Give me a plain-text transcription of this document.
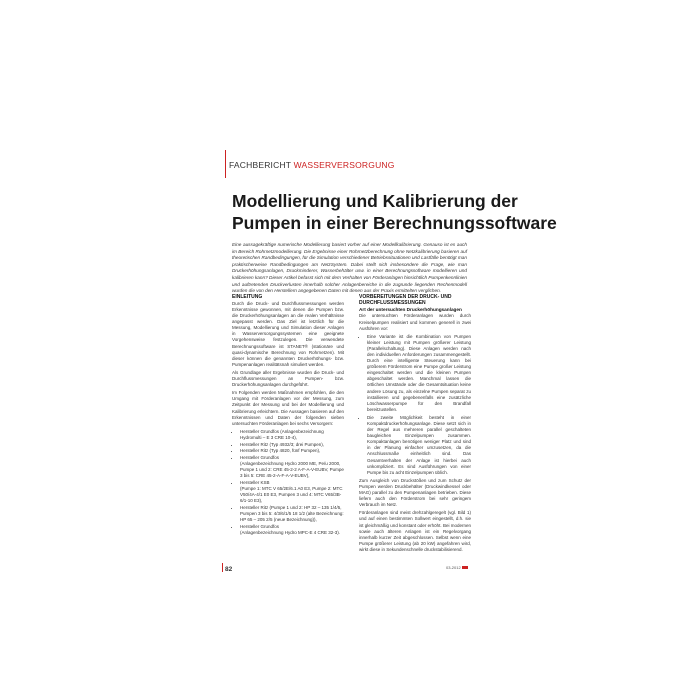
FACHBERICHT WASSERVERSORGUNG
Modellierung und Kalibrierung der
Pumpen in einer Berechnungssoftware
Eine aussagekräftige numerische Modellierung basiert vorher auf einer Modellkalibrierung. Genauso ist es auch im Bereich Rohrnetzmodellierung. Die Ergebnisse einer Rohrnetzberechnung ohne Netzkalibrierung basieren auf theoretischen Randbedingungen, für die Simulation verschiedener Betriebssituationen und Lastfälle benötigt man praktischerweise Randbedingungen am NetzSystem. Dabei stellt sich insbesondere die Frage, wie man Druckerhöhungsanlagen, Druckminderer, Wasserbehälter usw. in einer Berechnungssoftware modellieren und kalibrieren kann? Dieser Artikel befasst sich mit dem Verhalten von Förderanlagen hinsichtlich Pumpenkennlinien und auftretenden Druckverlusten innerhalb solcher Anlagenbereiche in die zugrunde liegenden Rechenmodell wurden die von den Herstellern angegebenen Daten mit denen aus der Praxis ermittelten verglichen.
EINLEITUNG
Durch die Druck- und Durchflussmessungen werden Erkenntnisse gewonnen, mit denen die Pumpen bzw. die Druckerhöhungsanlagen an die realen Verhältnisse angepasst werden. Das Ziel ist letztlich für die Messung, Modellierung und Simulation dieser Anlagen in Wasserversorgungssystemen eine geeignete Vorgehensweise festzulegen. Die verwendete Berechnungssoftware ist STANET® (stationäre und quasi-dynamische Berechnung von Rohrnetzen). Mit dieser können die genannten Druckerhöhungs- bzw. Pumpenanlagen realitätsnah simuliert werden.
Als Grundlage aller Ergebnisse wurden die Druck- und Durchflussmessungen an Pumpen- bzw. Druckerhöhungsanlagen durchgeführt.
Im Folgenden werden Maßnahmen empfohlen, die den Umgang mit Förderanlagen vor der Messung, zum Zeitpunkt der Messung und bei der Modellierung und Kalibrierung erleichtern. Die Aussagen basieren auf den Erkenntnissen und Daten der folgenden sieben untersuchten Förderanlagen bei sechs Versorgern:
• Hersteller Grundfos (Anlagenbezeichnung Hydromulti – E 3 CRE 10-4),
• Hersteller Ritz (Typ 4932/3; drei Pumpen),
• Hersteller Ritz (Typ 4820, fünf Pumpen),
• Hersteller Grundfos
(Anlagenbezeichnung Hydro 2000 ME, Pe/u 2000, Pumpe 1 und 2: CRE 45-2-2 A-F-A-V-EUBV, Pumpe 3 bis 5: CRE 45-2-A-F-A-V-EUBV),
• Hersteller KSB
(Pumpe 1: MTC V 65/2E/6.1 A0 E3, Pumpe 2: MTC V50/4A-4/1 E0 E3, Pumpen 3 und 4: MTC V65/3B-6/1-10 E3),
• Hersteller Ritz (Pumpe 1 und 2: HP 32 – 135 1/4/5, Pumpen 3 bis 5: 4/3/6/1/5 18 1/2 (alte Bezeichnung: HP 65 – 205 2/5 (neue Bezeichnung)),
• Hersteller Grundfos
(Anlagenbezeichnung Hydro MPC-E 4 CRE 32-3).
VORBEREITUNGEN DER DRUCK- UND DURCHFLUSSMESSUNGEN
Art der untersuchten Druckerhöhungsanlagen
Die untersuchten Förderanlagen wurden durch Kreiselpumpen realisiert und kommen generell in zwei Ausführen vor:
• Eine Variante ist die Kombination von Pumpen kleiner Leistung mit Pumpen größerer Leistung (Parallelschaltung). Diese Anlagen werden nach den individuellen Anforderungen zusammengestellt. Durch eine intelligente Steuerung kann bei größerem Förderstrom eine Pumpe großer Leistung eingeschaltet werden und die kleinen Pumpen abgeschaltet werden. Manchmal lassen die örtlichen Umstände oder die Gesamtsituation keine andere Lösung zu, als einzelne Pumpen separat zu installieren und gegebenenfalls eine zusätzliche Löschwasserpumpe für den Brandfall bereitzustellen.
• Die zweite Möglichkeit besteht in einer Kompaktdruckerhöhungsanlage. Diese setzt sich in der Regel aus mehreren parallel geschalteten baugleichen Einzelpumpen zusammen. Kompaktanlagen benötigen weniger Platz und sind in der Planung einfacher umzusetzen, da die Anschlussmaße einheitlich sind. Das Gesamtverhalten der Anlage ist hierbei auch unkompliziert. Es sind Ausführungen von einer Pumpe bis zu acht Einzelpumpen üblich.
Zum Ausgleich von Druckstößen und zum Schutz der Pumpen werden Druckbehälter (Druckwindkessel oder MAG) parallel zu den Pumpenanlagen betrieben. Diese liefern auch den Förderstrom bei sehr geringem Verbrauch im Netz.
Förderanlagen sind meist drehzahlgeregelt (vgl. Bild 1) und auf einen bestimmten Sollwert eingestellt, d.h. sie ist gleichmäßig und konstant oder erhöht. Bei modernen sowie auch älteren Anlagen ist ein Regelvorgang innerhalb kurzer Zeit abgeschlossen. Selbst wenn eine Pumpe größerer Leistung (ab 20 kW) angefahren wird, wirkt diese in Sekundenschnelle druckstabilisierend.
82	03-2012
